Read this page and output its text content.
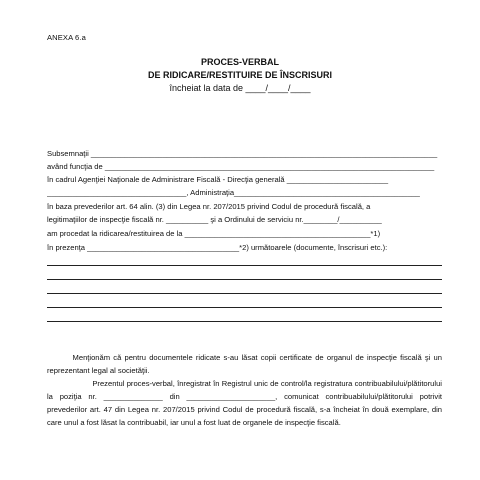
ANEXA 6.a
PROCES-VERBAL
DE RIDICARE/RESTITUIRE DE ÎNSCRISURI
încheiat la data de ____/____/____
Subsemnaţii __________________________________________________________________________________
având funcţia de ______________________________________________________________________________
în cadrul Agenţiei Naţionale de Administrare Fiscală - Direcţia generală ________________________
_________________________________, Administraţia____________________________________________
în baza prevederilor art. 64 alin. (3) din Legea nr. 207/2015 privind Codul de procedură fiscală, a
legitimaţiilor de inspecţie fiscală nr. __________ şi a Ordinului de serviciu nr.________/__________
am procedat la ridicarea/restituirea de la ____________________________________________*1)
în prezenţa ____________________________________*2) următoarele (documente, înscrisuri etc.):
Menţionăm că pentru documentele ridicate s-au lăsat copii certificate de organul de inspecţie fiscală şi un reprezentant legal al societăţii.
Prezentul proces-verbal, înregistrat în Registrul unic de control/la registratura contribuabilului/plătitorului la poziţia nr. ______________ din _____________________, comunicat contribuabilului/plătitorului potrivit prevederilor art. 47 din Legea nr. 207/2015 privind Codul de procedură fiscală, s-a încheiat în două exemplare, din care unul a fost lăsat la contribuabil, iar unul a fost luat de organele de inspecţie fiscală.
